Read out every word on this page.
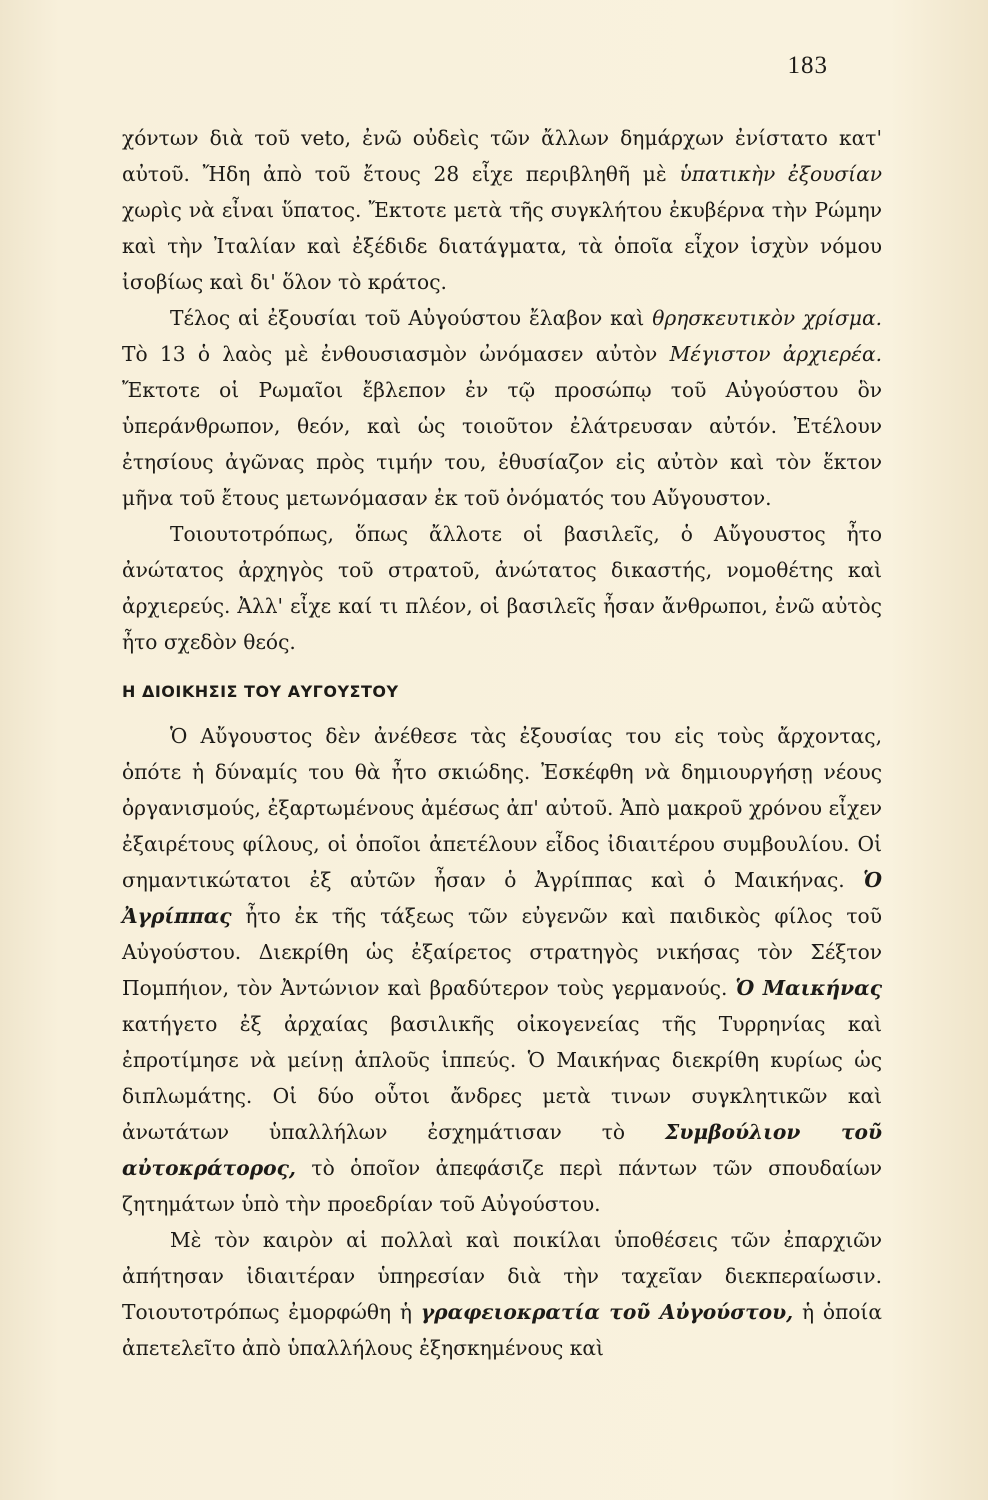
183

χόντων διὰ τοῦ veto, ἐνῶ οὐδεὶς τῶν ἄλλων δημάρχων ἐνίστατο κατ' αὐτοῦ. Ἤδη ἀπὸ τοῦ ἔτους 28 εἶχε περιβληθῆ μὲ ὑπατικὴν ἐξουσίαν χωρὶς νὰ εἶναι ὕπατος. Ἔκτοτε μετὰ τῆς συγκλήτου ἐκυβέρνα τὴν Ρώμην καὶ τὴν Ἰταλίαν καὶ ἐξέδιδε διατάγματα, τὰ ὁποῖα εἶχον ἰσχὺν νόμου ἰσοβίως καὶ δι' ὅλον τὸ κράτος.

Τέλος αἱ ἐξουσίαι τοῦ Αὐγούστου ἔλαβον καὶ θρησκευτικὸν χρίσμα. Τὸ 13 ὁ λαὸς μὲ ἐνθουσιασμὸν ὠνόμασεν αὐτὸν Μέγιστον ἀρχιερέα. Ἔκτοτε οἱ Ρωμαῖοι ἔβλεπον ἐν τῷ προσώπῳ τοῦ Αὐγούστου ὃν ὑπεράνθρωπον, θεόν, καὶ ὡς τοιοῦτον ἐλάτρευσαν αὐτόν. Ἐτέλουν ἐτησίους ἀγῶνας πρὸς τιμήν του, ἐθυσίαζον εἰς αὐτὸν καὶ τὸν ἕκτον μῆνα τοῦ ἔτους μετωνόμασαν ἐκ τοῦ ὀνόματός του Αὔγουστον.

Τοιουτοτρόπως, ὅπως ἄλλοτε οἱ βασιλεῖς, ὁ Αὔγουστος ἦτο ἀνώτατος ἀρχηγὸς τοῦ στρατοῦ, ἀνώτατος δικαστής, νομοθέτης καὶ ἀρχιερεύς. Ἀλλ' εἶχε καί τι πλέον, οἱ βασιλεῖς ἦσαν ἄνθρωποι, ἐνῶ αὐτὸς ἦτο σχεδὸν θεός.

Η ΔΙΟΙΚΗΣΙΣ ΤΟΥ ΑΥΓΟΥΣΤΟΥ

Ὁ Αὔγουστος δὲν ἀνέθεσε τὰς ἐξουσίας του εἰς τοὺς ἄρχοντας, ὁπότε ἡ δύναμίς του θὰ ἦτο σκιώδης. Ἐσκέφθη νὰ δημιουργήσῃ νέους ὀργανισμούς, ἐξαρτωμένους ἀμέσως ἀπ' αὐτοῦ. Ἀπὸ μακροῦ χρόνου εἶχεν ἐξαιρέτους φίλους, οἱ ὁποῖοι ἀπετέλουν εἶδος ἰδιαιτέρου συμβουλίου. Οἱ σημαντικώτατοι ἐξ αὐτῶν ἦσαν ὁ Ἀγρίππας καὶ ὁ Μαικήνας. Ὁ Ἀγρίππας ἦτο ἐκ τῆς τάξεως τῶν εὐγενῶν καὶ παιδικὸς φίλος τοῦ Αὐγούστου. Διεκρίθη ὡς ἐξαίρετος στρατηγὸς νικήσας τὸν Σέξτον Πομπήιον, τὸν Ἀντώνιον καὶ βραδύτερον τοὺς γερμανούς. Ὁ Μαικήνας κατήγετο ἐξ ἀρχαίας βασιλικῆς οἰκογενείας τῆς Τυρρηνίας καὶ ἐπροτίμησε νὰ μείνῃ ἁπλοῦς ἱππεύς. Ὁ Μαικήνας διεκρίθη κυρίως ὡς διπλωμάτης. Οἱ δύο οὗτοι ἄνδρες μετὰ τινων συγκλητικῶν καὶ ἀνωτάτων ὑπαλλήλων ἐσχημάτισαν τὸ Συμβούλιον τοῦ αὐτοκράτορος, τὸ ὁποῖον ἀπεφάσιζε περὶ πάντων τῶν σπουδαίων ζητημάτων ὑπὸ τὴν προεδρίαν τοῦ Αὐγούστου.

Μὲ τὸν καιρὸν αἱ πολλαὶ καὶ ποικίλαι ὑποθέσεις τῶν ἐπαρχιῶν ἀπήτησαν ἰδιαιτέραν ὑπηρεσίαν διὰ τὴν ταχεῖαν διεκπεραίωσιν. Τοιουτοτρόπως ἐμορφώθη ἡ γραφειοκρατία τοῦ Αὐγούστου, ἡ ὁποία ἀπετελεῖτο ἀπὸ ὑπαλλήλους ἐξησκημένους καὶ
